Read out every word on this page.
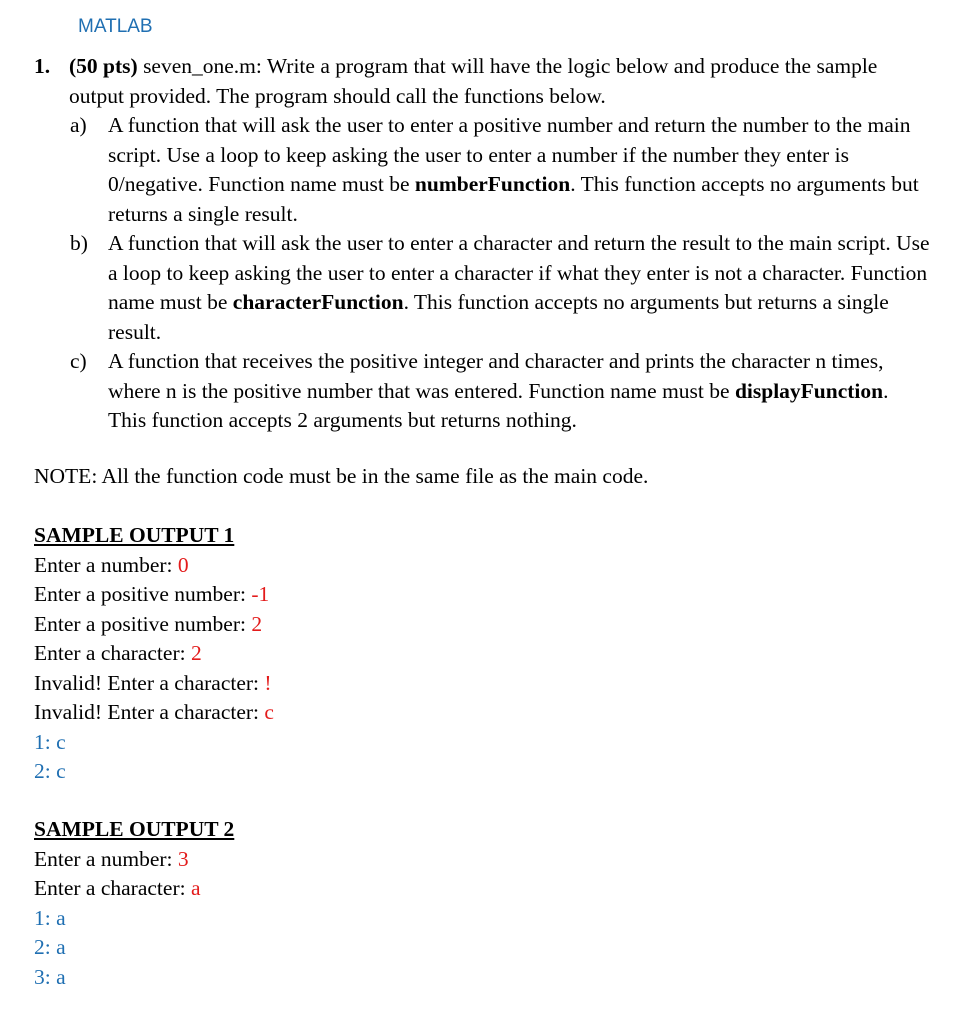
MATLAB
1. (50 pts) seven_one.m: Write a program that will have the logic below and produce the sample output provided. The program should call the functions below.
a) A function that will ask the user to enter a positive number and return the number to the main script. Use a loop to keep asking the user to enter a number if the number they enter is 0/negative. Function name must be numberFunction. This function accepts no arguments but returns a single result.
b) A function that will ask the user to enter a character and return the result to the main script. Use a loop to keep asking the user to enter a character if what they enter is not a character. Function name must be characterFunction. This function accepts no arguments but returns a single result.
c) A function that receives the positive integer and character and prints the character n times, where n is the positive number that was entered. Function name must be displayFunction. This function accepts 2 arguments but returns nothing.
NOTE: All the function code must be in the same file as the main code.
SAMPLE OUTPUT 1
Enter a number: 0
Enter a positive number: -1
Enter a positive number: 2
Enter a character: 2
Invalid! Enter a character: !
Invalid! Enter a character: c
1: c
2: c
SAMPLE OUTPUT 2
Enter a number: 3
Enter a character: a
1: a
2: a
3: a
